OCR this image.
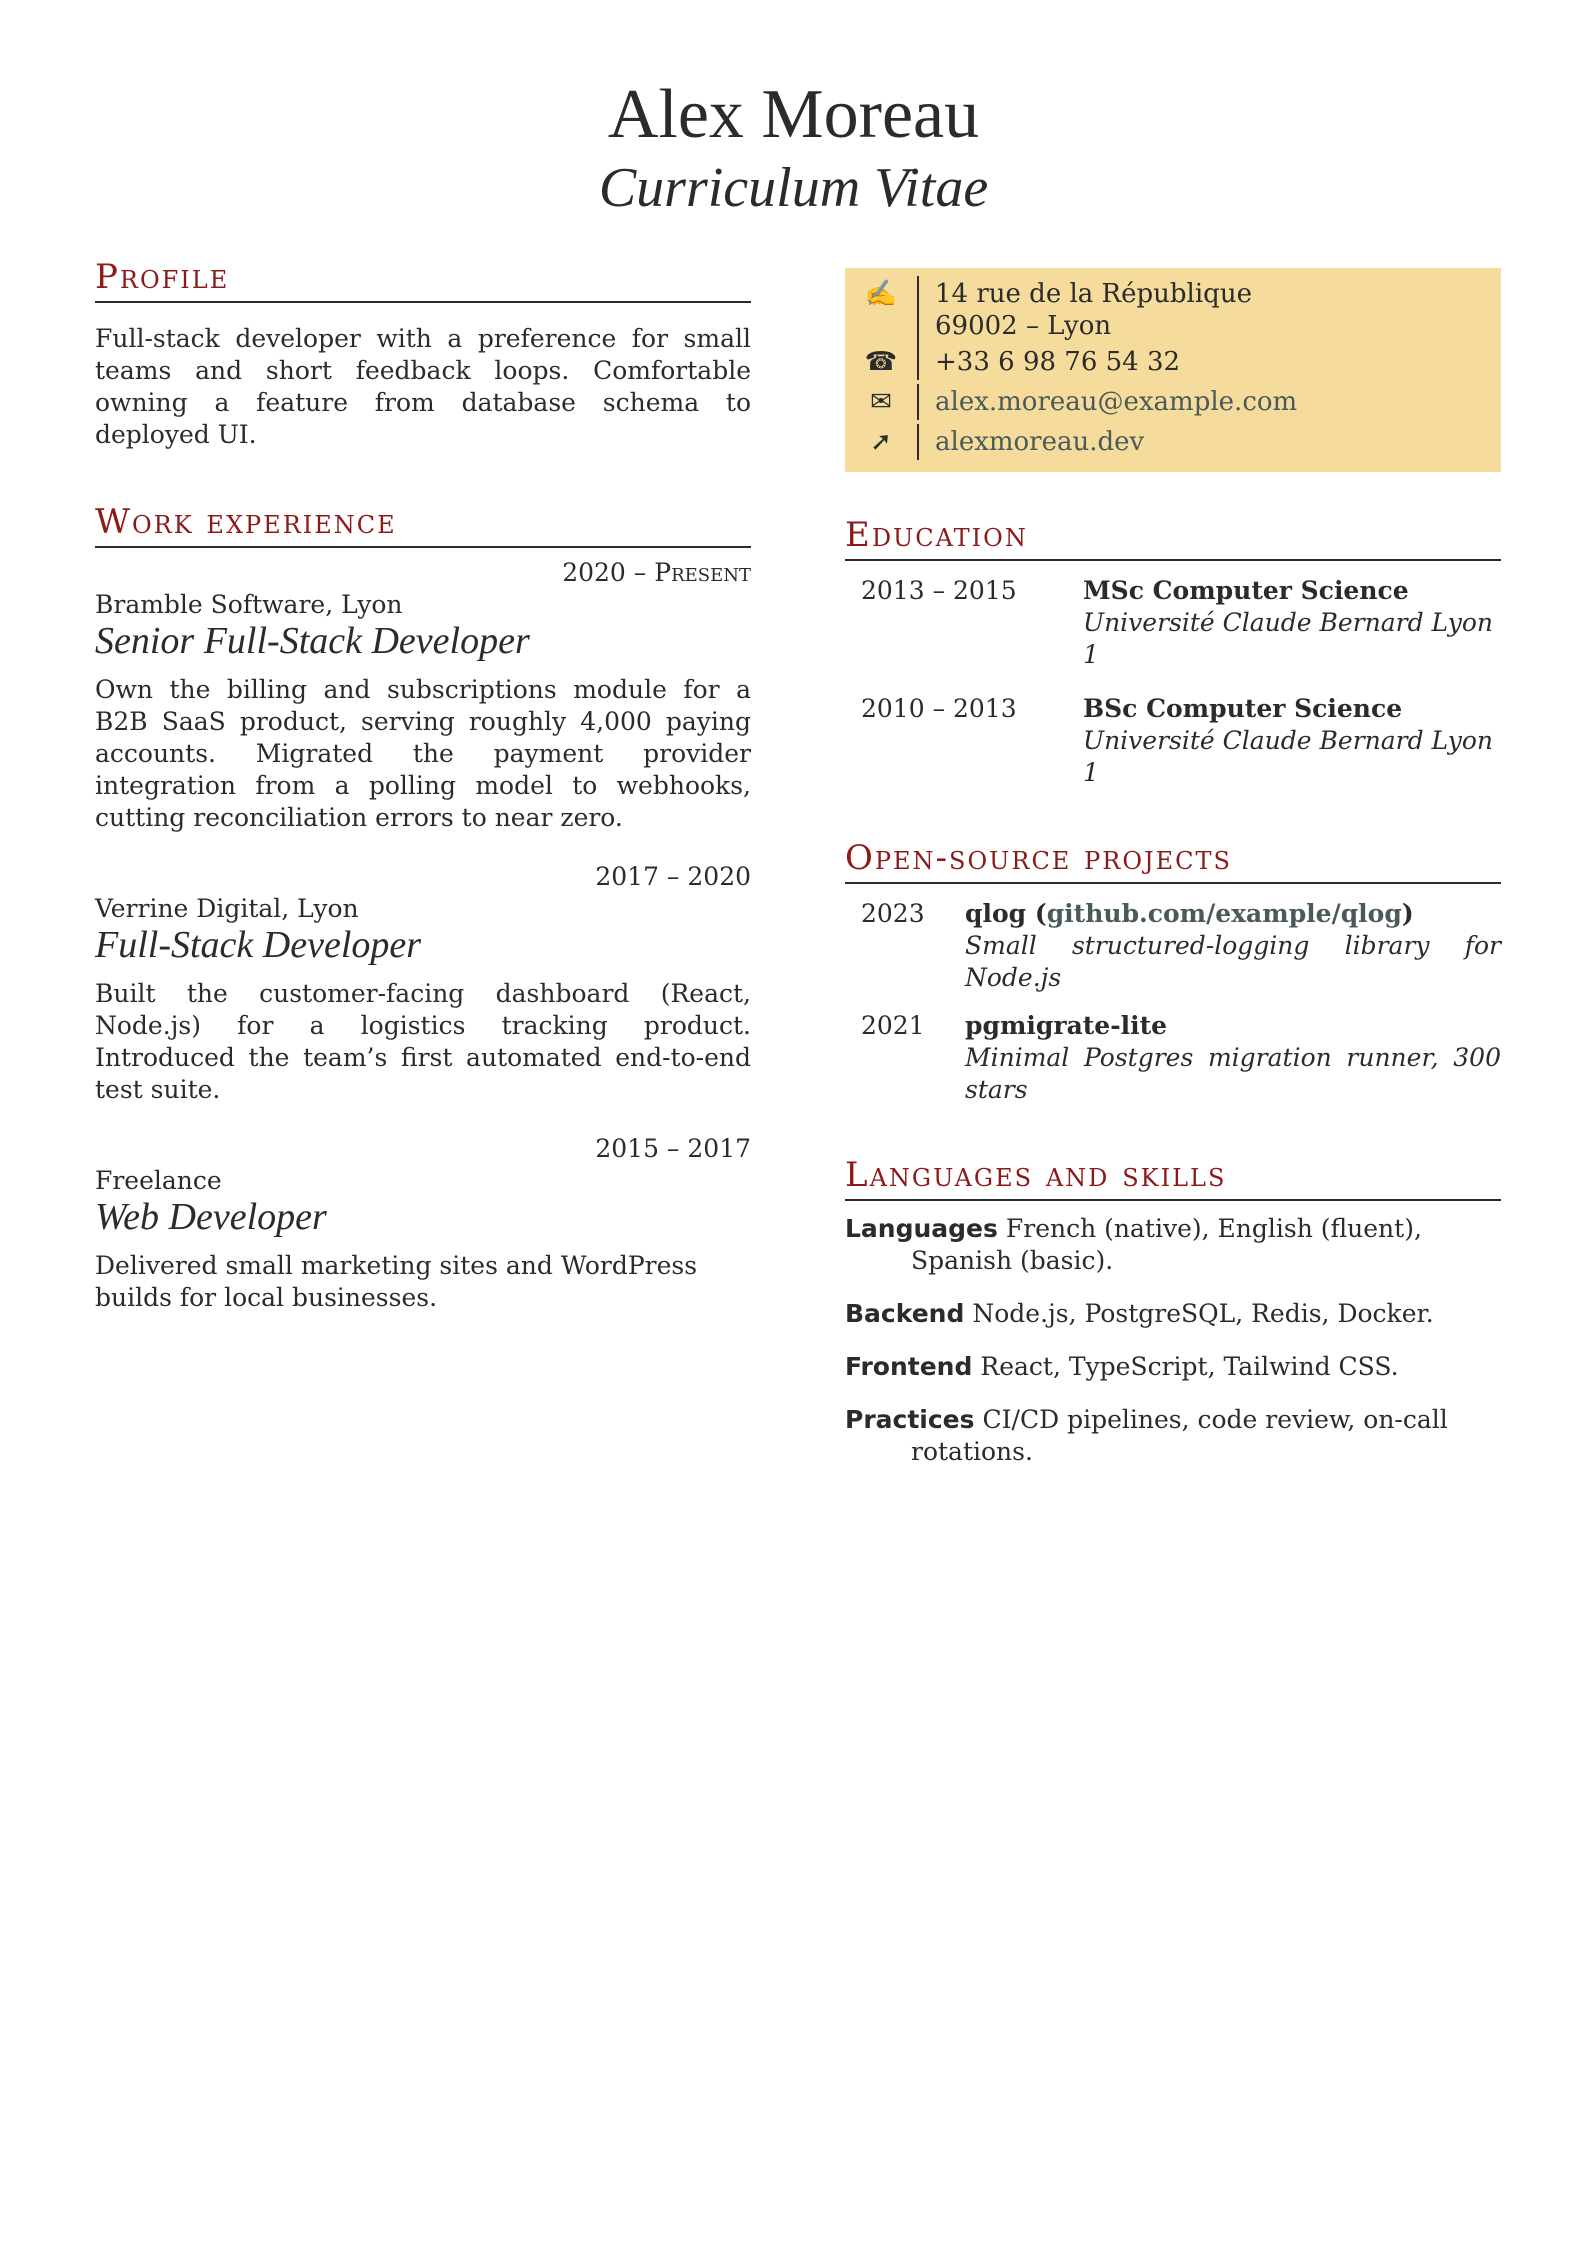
Alex Moreau
Curriculum Vitae
Profile
Full-stack developer with a preference for small teams and short feedback loops. Comfortable owning a feature from database schema to deployed UI.
Work experience
2020 – Present
Bramble Software, Lyon
Senior Full-Stack Developer
Own the billing and subscriptions module for a B2B SaaS product, serving roughly 4,000 paying accounts. Migrated the payment provider integration from a polling model to webhooks, cutting reconciliation errors to near zero.
2017 – 2020
Verrine Digital, Lyon
Full-Stack Developer
Built the customer-facing dashboard (React, Node.js) for a logistics tracking product. Introduced the team’s first automated end-to-end test suite.
2015 – 2017
Freelance
Web Developer
Delivered small marketing sites and WordPress builds for local businesses.
✍	14 rue de la République
69002 – Lyon
☎	+33 6 98 76 54 32
✉	alex.moreau@example.com
➚	alexmoreau.dev
Education
2013 – 2015	MSc Computer Science
Université Claude Bernard Lyon 1
2010 – 2013	BSc Computer Science
Université Claude Bernard Lyon 1
Open-source projects
2023	qlog (github.com/example/qlog)
Small structured-logging library for Node.js
2021	pgmigrate-lite
Minimal Postgres migration runner, 300 stars
Languages and skills
Languages French (native), English (fluent), Spanish (basic).
Backend Node.js, PostgreSQL, Redis, Docker.
Frontend React, TypeScript, Tailwind CSS.
Practices CI/CD pipelines, code review, on-call rotations.
